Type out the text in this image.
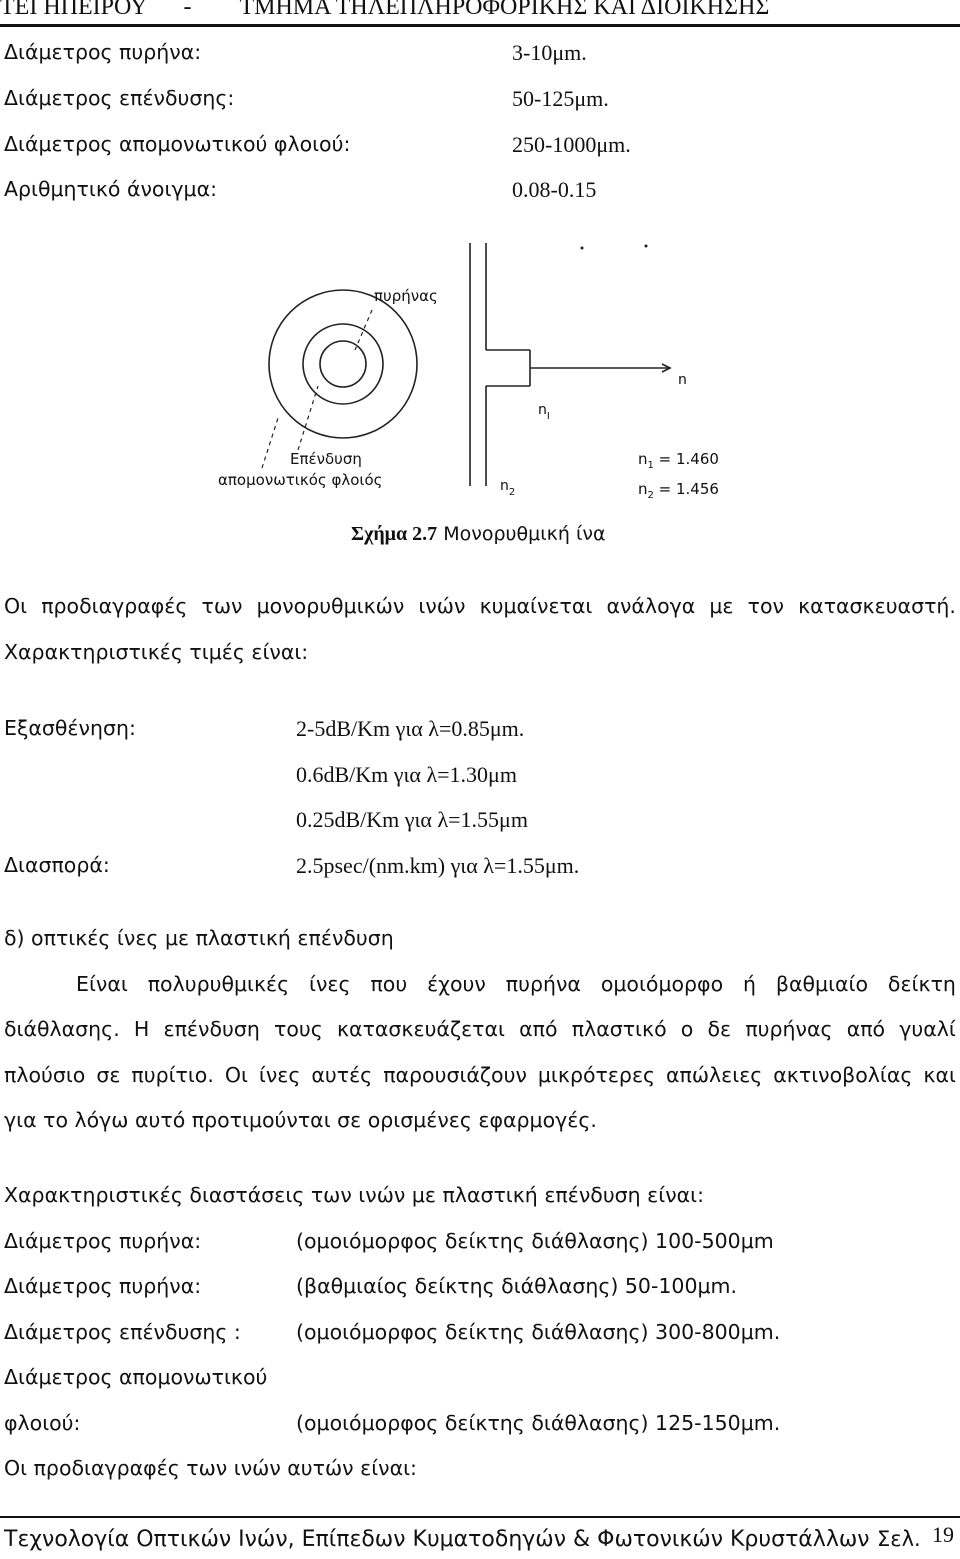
ΤΕΙ ΗΠΕΙΡΟΥ - ΤΜΗΜΑ ΤΗΛΕΠΛΗΡΟΦΟΡΙΚΗΣ ΚΑΙ ΔΙΟΙΚΗΣΗΣ
Διάμετρος πυρήνα:	3-10μm.
Διάμετρος επένδυσης:	50-125μm.
Διάμετρος απομονωτικού φλοιού:	250-1000μm.
Αριθμητικό άνοιγμα:	0.08-0.15
πυρήνας
Επένδυση
απομονωτικός φλοιός
n
$n_I$
$n_2$
$n_1 = 1.460$
$n_2 = 1.456$
Σχήμα 2.7 Μονορυθμική ίνα
Οι προδιαγραφές των μονορυθμικών ινών κυμαίνεται ανάλογα με τον κατασκευαστή.
Χαρακτηριστικές τιμές είναι:
Εξασθένηση:	2-5dB/Km για λ=0.85μm.
0.6dB/Km για λ=1.30μm
0.25dB/Km για λ=1.55μm
Διασπορά:	2.5psec/(nm.km) για λ=1.55μm.
δ) οπτικές ίνες με πλαστική επένδυση
Είναι πολυρυθμικές ίνες που έχουν πυρήνα ομοιόμορφο ή βαθμιαίο δείκτη
διάθλασης. Η επένδυση τους κατασκευάζεται από πλαστικό ο δε πυρήνας από γυαλί
πλούσιο σε πυρίτιο. Οι ίνες αυτές παρουσιάζουν μικρότερες απώλειες ακτινοβολίας και
για το λόγω αυτό προτιμούνται σε ορισμένες εφαρμογές.
Χαρακτηριστικές διαστάσεις των ινών με πλαστική επένδυση είναι:
Διάμετρος πυρήνα:	(ομοιόμορφος δείκτης διάθλασης) 100-500μm
Διάμετρος πυρήνα:	(βαθμιαίος δείκτης διάθλασης) 50-100μm.
Διάμετρος επένδυσης :	(ομοιόμορφος δείκτης διάθλασης) 300-800μm.
Διάμετρος απομονωτικού
φλοιού:	(ομοιόμορφος δείκτης διάθλασης) 125-150μm.
Οι προδιαγραφές των ινών αυτών είναι:
Τεχνολογία Οπτικών Ινών, Επίπεδων Κυματοδηγών & Φωτονικών Κρυστάλλων Σελ. 19
